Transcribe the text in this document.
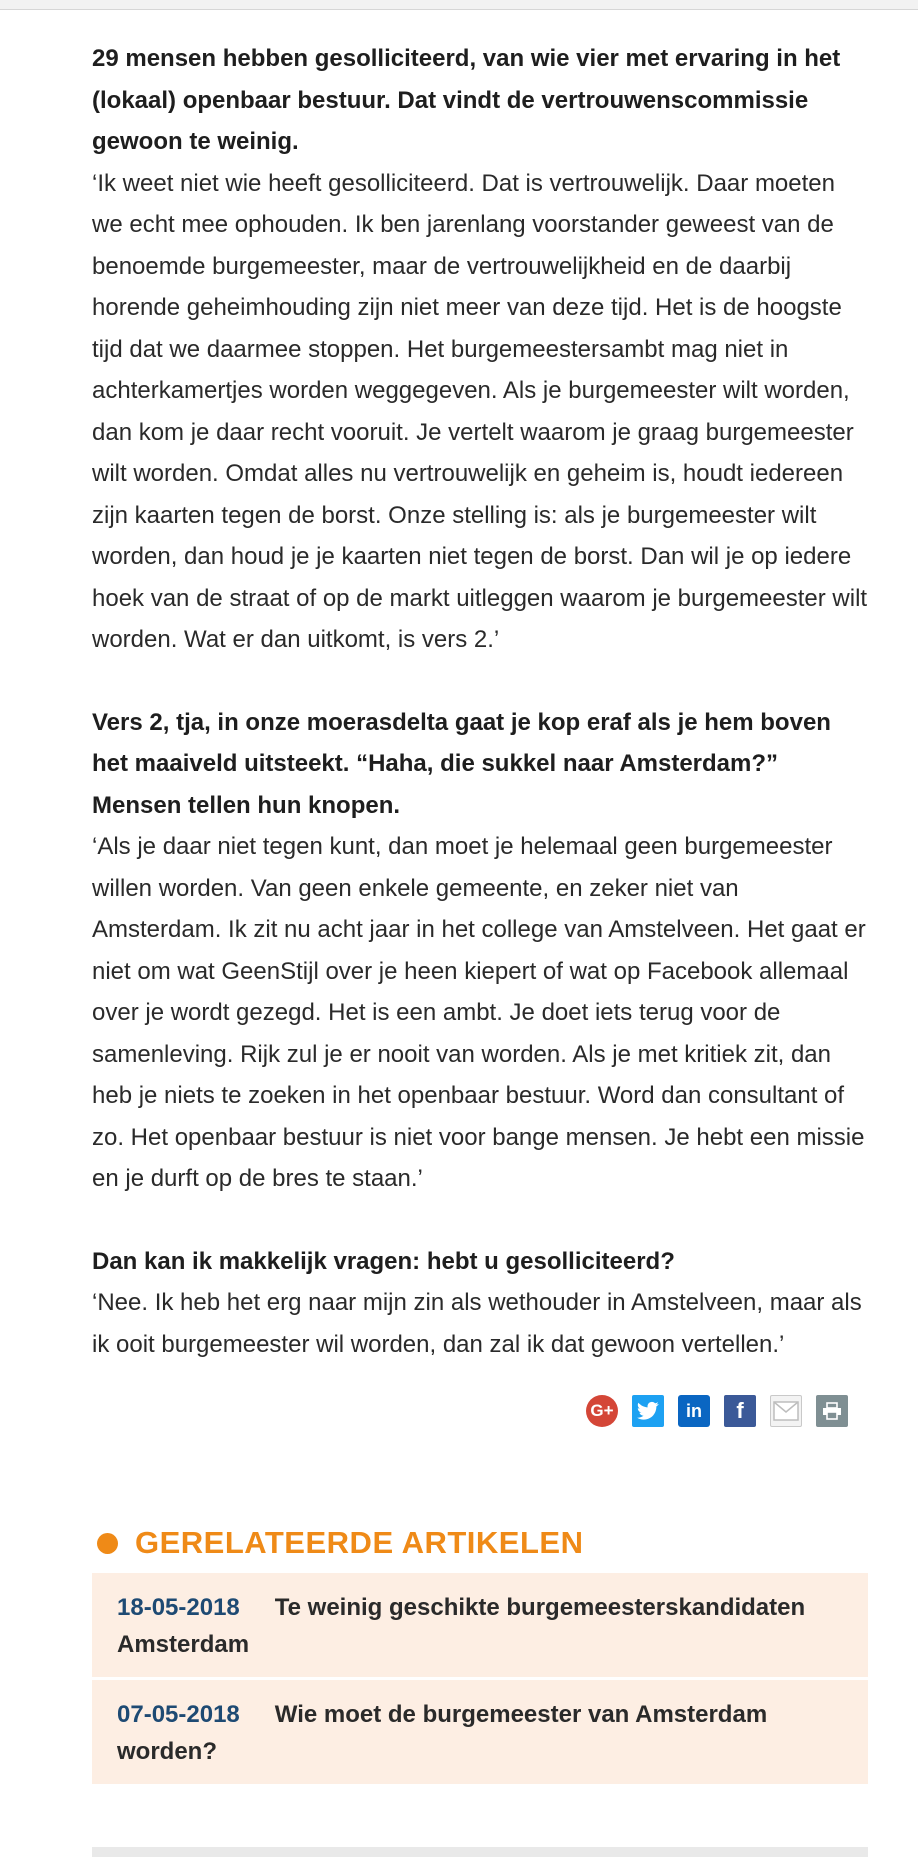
29 mensen hebben gesolliciteerd, van wie vier met ervaring in het (lokaal) openbaar bestuur. Dat vindt de vertrouwenscommissie gewoon te weinig.
‘Ik weet niet wie heeft gesolliciteerd. Dat is vertrouwelijk. Daar moeten we echt mee ophouden. Ik ben jarenlang voorstander geweest van de benoemde burgemeester, maar de vertrouwelijkheid en de daarbij horende geheimhouding zijn niet meer van deze tijd. Het is de hoogste tijd dat we daarmee stoppen. Het burgemeestersambt mag niet in achterkamertjes worden weggegeven. Als je burgemeester wilt worden, dan kom je daar recht vooruit. Je vertelt waarom je graag burgemeester wilt worden. Omdat alles nu vertrouwelijk en geheim is, houdt iedereen zijn kaarten tegen de borst. Onze stelling is: als je burgemeester wilt worden, dan houd je je kaarten niet tegen de borst. Dan wil je op iedere hoek van de straat of op de markt uitleggen waarom je burgemeester wilt worden. Wat er dan uitkomt, is vers 2.’
Vers 2, tja, in onze moerasdelta gaat je kop eraf als je hem boven het maaiveld uitsteekt. “Haha, die sukkel naar Amsterdam?” Mensen tellen hun knopen.
‘Als je daar niet tegen kunt, dan moet je helemaal geen burgemeester willen worden. Van geen enkele gemeente, en zeker niet van Amsterdam. Ik zit nu acht jaar in het college van Amstelveen. Het gaat er niet om wat GeenStijl over je heen kiepert of wat op Facebook allemaal over je wordt gezegd. Het is een ambt. Je doet iets terug voor de samenleving. Rijk zul je er nooit van worden. Als je met kritiek zit, dan heb je niets te zoeken in het openbaar bestuur. Word dan consultant of zo. Het openbaar bestuur is niet voor bange mensen. Je hebt een missie en je durft op de bres te staan.’
Dan kan ik makkelijk vragen: hebt u gesolliciteerd?
‘Nee. Ik heb het erg naar mijn zin als wethouder in Amstelveen, maar als ik ooit burgemeester wil worden, dan zal ik dat gewoon vertellen.’
G+	in f
GERELATEERDE ARTIKELEN
18-05-2018 Te weinig geschikte burgemeesterskandidaten Amsterdam
07-05-2018 Wie moet de burgemeester van Amsterdam worden?
